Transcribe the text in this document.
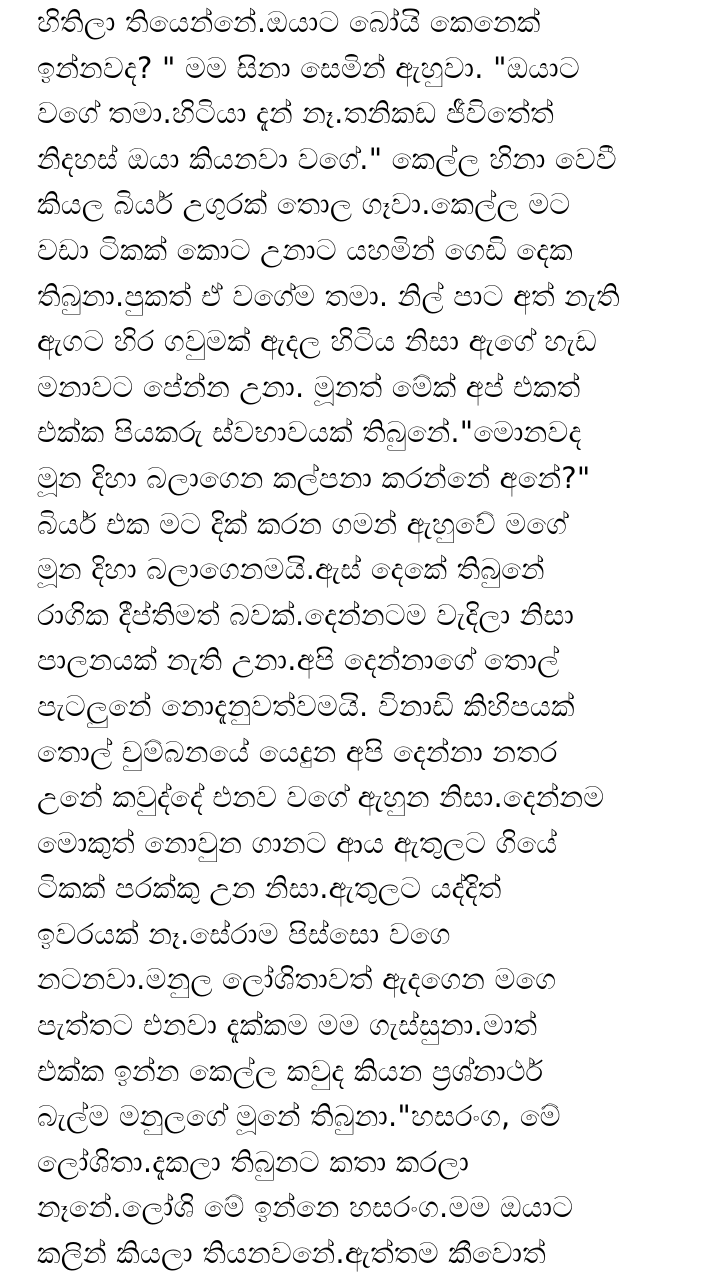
හිතිලා තියෙන්නේ.ඔයාට බෝයි කෙනෙක්
ඉන්නවද? " මම සිනා සෙමින් ඇහුවා. "ඔයාට
වගේ තමා.හිටියා දැන් නෑ.තනිකඩ ජීවිතේත්
නිදහස් ඔයා කියනවා වගේ." කෙල්ල හිනා වෙවී
කියල බියර් උගුරක් තොල ගෑවා.කෙල්ල මට
වඩා ටිකක් කොට උනාට යහමින් ගෙඩි දෙක
තිබුනා.පුකත් ඒ වගේම තමා. නිල් පාට අත් නැති
ඇගට හිර ගවුමක් ඇදල හිටිය නිසා ඇගේ හැඩ
මනාවට පේන්න උනා. මූනත් මේක් අප් එකත්
එක්ක පියකරු ස්වභාවයක් තිබුනේ."මොනවද
මූන දිහා බලාගෙන කල්පනා කරන්නේ අනේ?"
බියර් එක මට දික් කරන ගමන් ඇහුවේ මගේ
මූන දිහා බලාගෙනමයි.ඇස් දෙකේ තිබුනේ
රාගික දීප්තිමත් බවක්.දෙන්නටම වැදිලා නිසා
පාලනයක් නැති උනා.අපි දෙන්නාගේ තොල්
පැටලුනේ නොදැනුවත්වමයි. විනාඩි කිහිපයක්
තොල් චුම්බනයේ යෙදුන අපි දෙන්නා නතර
උනේ කවුද්දේ එනව වගේ ඇහුන නිසා.දෙන්නම
මොකුත් නොවුන ගානට ආය ඇතුලට ගියේ
ටිකක් පරක්කු උන නිසා.ඇතුලට යද්දිත්
ඉවරයක් නෑ.සේරාම පිස්සො වගෙ
නටනවා.මනුල ලෝශිතාවත් ඇදගෙන මගෙ
පැත්තට එනවා දැක්කම මම ගැස්සුනා.මාත්
එක්ක ඉන්න කෙල්ල කවුද කියන ප්‍රශ්නාර්ථ
බැල්ම මනුලගේ මූනේ තිබුනා."හසරංග, මේ
ලෝශිතා.දැකලා තිබුනට කතා කරලා
නෑනේ.ලෝශි මේ ඉන්නෙ හසරංග.මම ඔයාට
කලින් කියලා තියනවනේ.ඇත්තම කීවොත්
